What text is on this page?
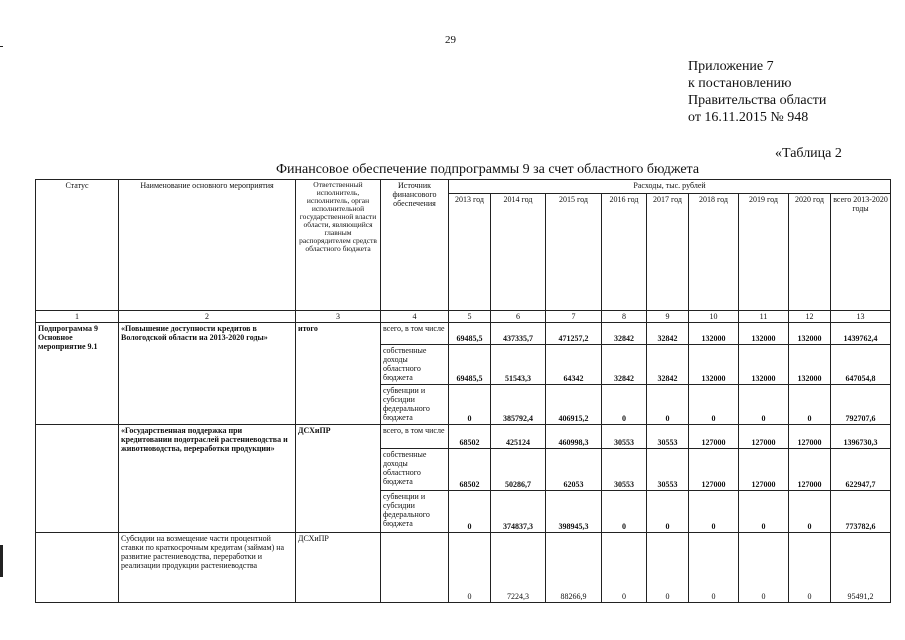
29
Приложение 7
к постановлению
Правительства области
от 16.11.2015 № 948
«Таблица 2
Финансовое обеспечение подпрограммы 9 за счет областного бюджета
Статус	Наименование основного мероприятия	Ответственный исполнитель, исполнитель, орган исполнительной государственной власти области, являющийся главным распорядителем средств областного бюджета	Источник финансового обеспечения	Расходы, тыс. рублей								
				2013 год	2014 год	2015 год	2016 год	2017 год	2018 год	2019 год	2020 год	всего 2013-2020 годы
1	2	3	4	5	6	7	8	9	10	11	12	13
Подпрограмма 9 Основное мероприятие 9.1	«Повышение доступности кредитов в Вологодской области на 2013-2020 годы»	итого	всего, в том числе	69485,5	437335,7	471257,2	32842	32842	132000	132000	132000	1439762,4
			собственные доходы областного бюджета	69485,5	51543,3	64342	32842	32842	132000	132000	132000	647054,8
			субвенции и субсидии федерального бюджета	0	385792,4	406915,2	0	0	0	0	0	792707,6
	«Государственная поддержка при кредитовании подотраслей растениеводства и животноводства, переработки продукции»	ДСХиПР	всего, в том числе	68502	425124	460998,3	30553	30553	127000	127000	127000	1396730,3
			собственные доходы областного бюджета	68502	50286,7	62053	30553	30553	127000	127000	127000	622947,7
			субвенции и субсидии федерального бюджета	0	374837,3	398945,3	0	0	0	0	0	773782,6
	Субсидии на возмещение части процентной ставки по краткосрочным кредитам (займам) на развитие растениеводства, переработки и реализации продукции растениеводства	ДСХиПР		0	7224,3	88266,9	0	0	0	0	0	95491,2
